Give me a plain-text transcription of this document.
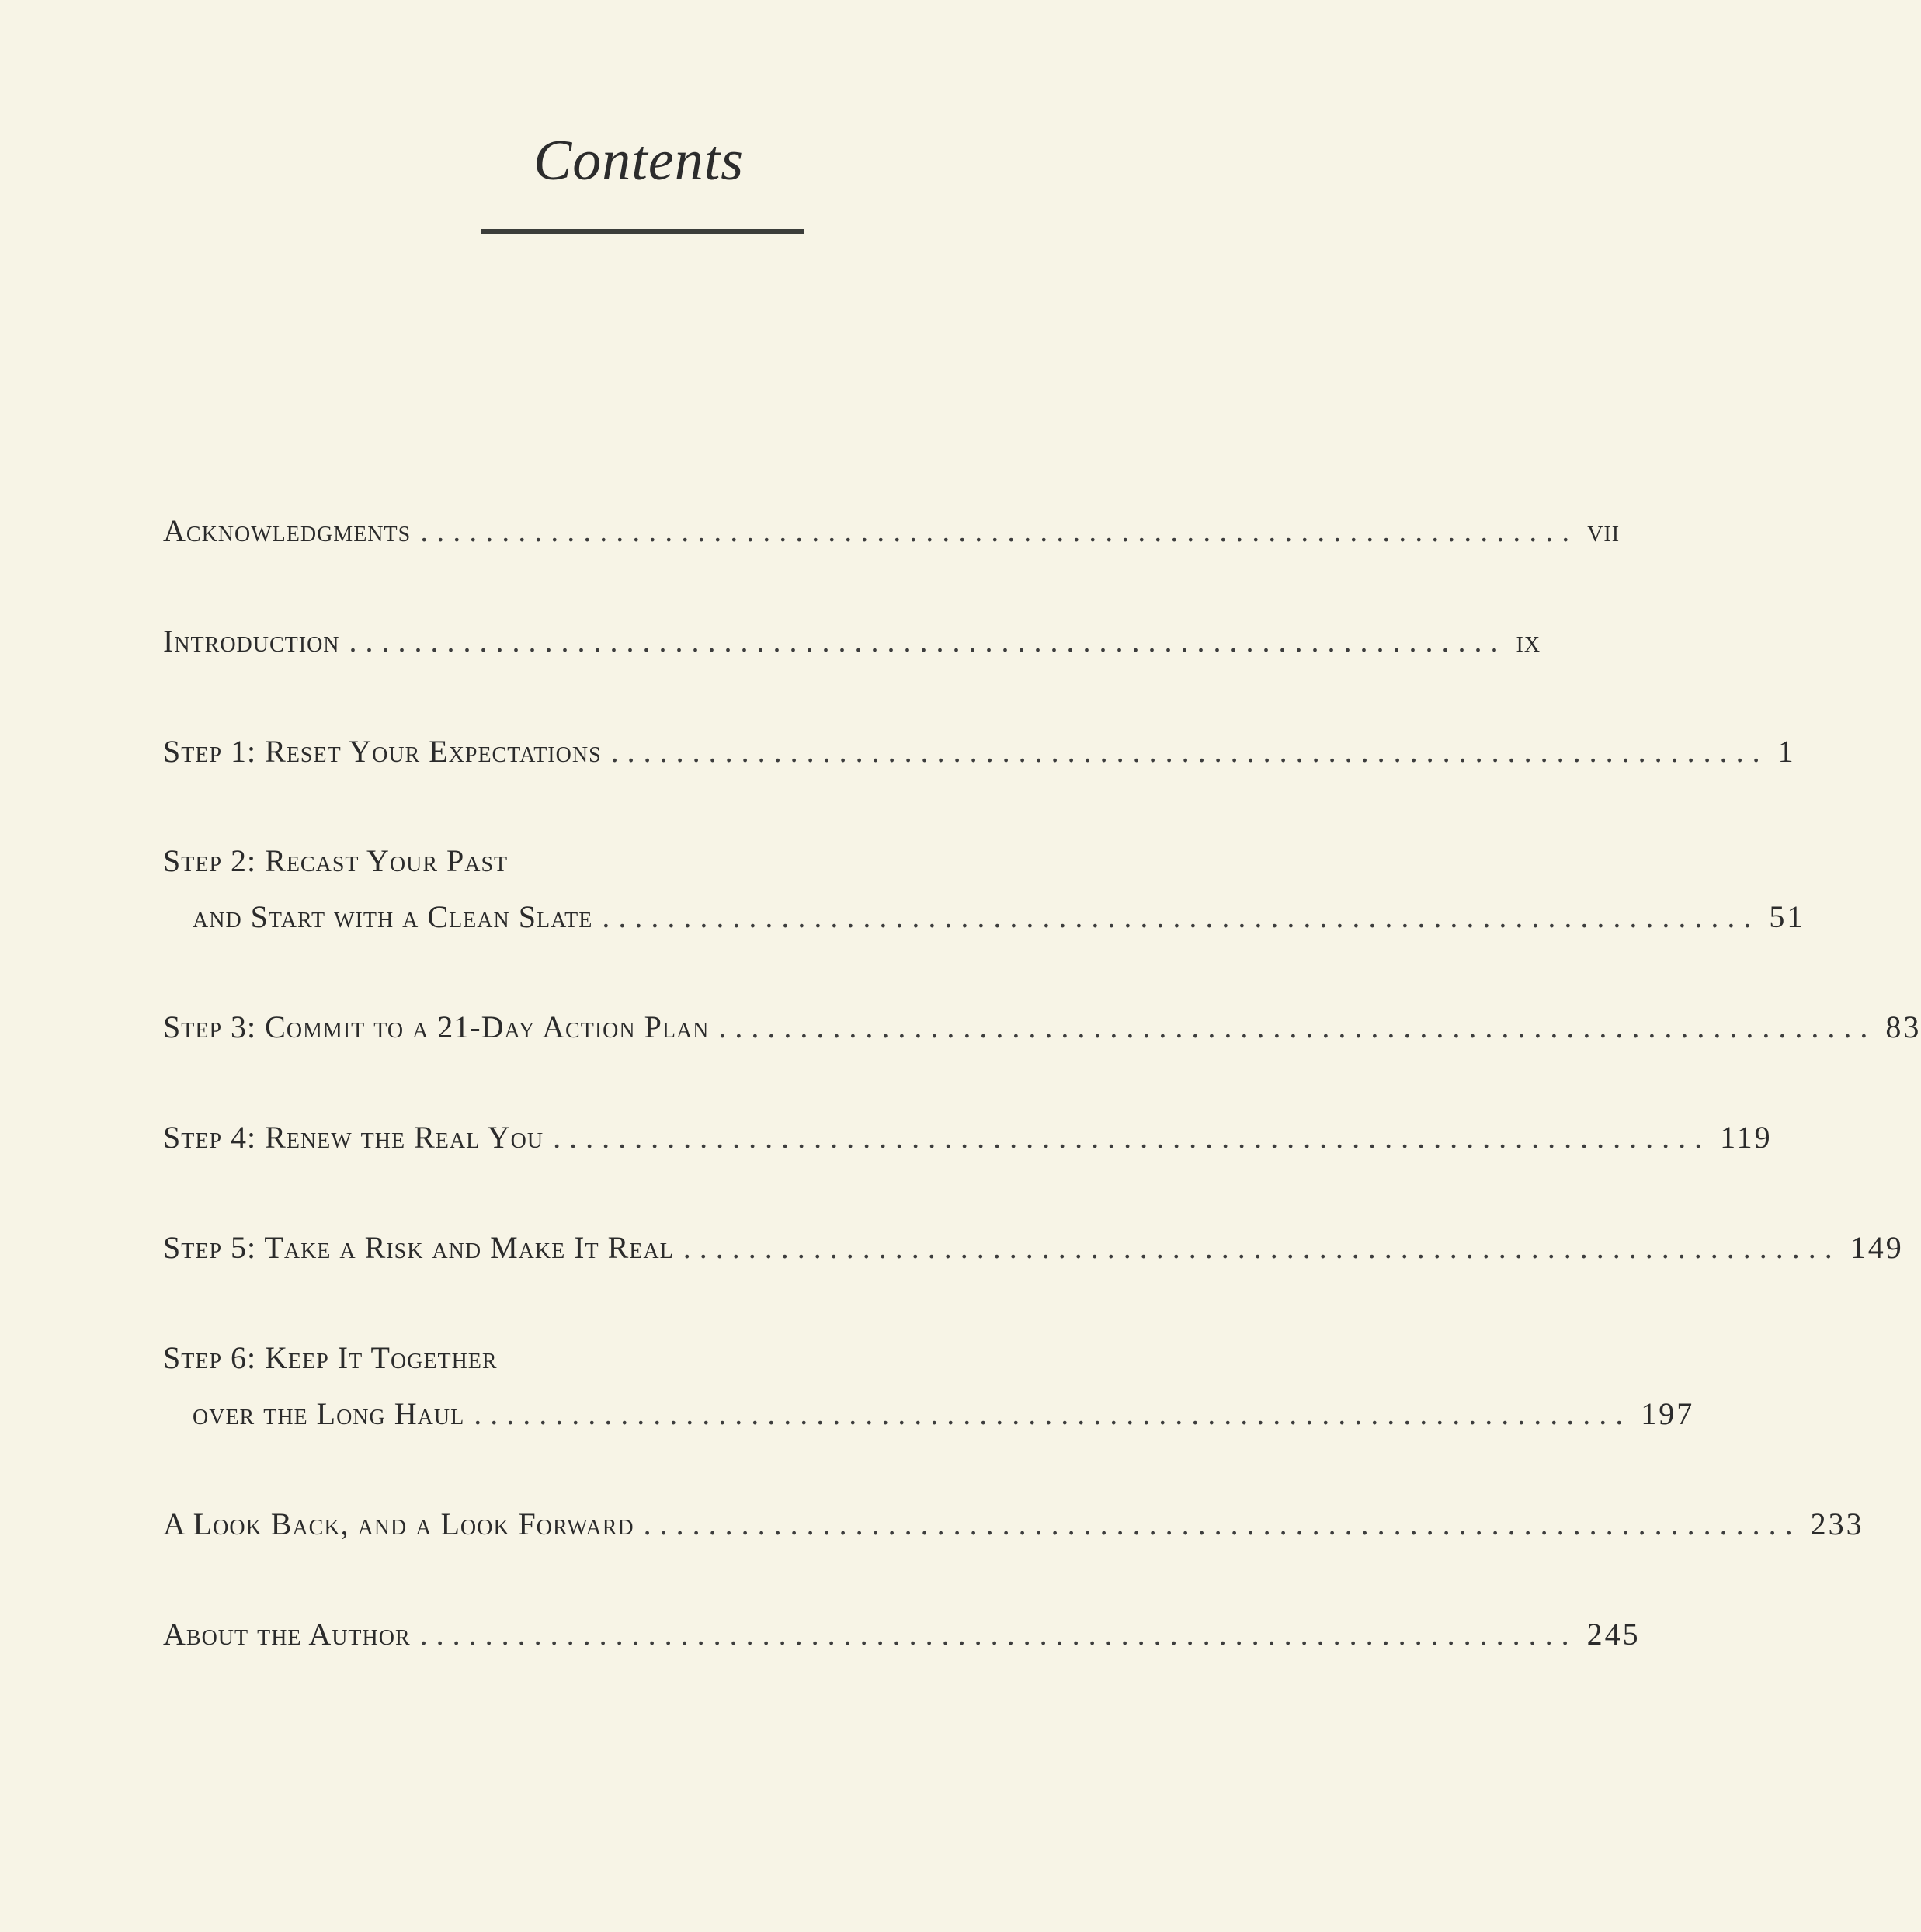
Contents
Acknowledgments ....................................................................... vii
Introduction ....................................................................... ix
Step 1: Reset Your Expectations ....................................................................... 1
Step 2: Recast Your Past
and Start with a Clean Slate ....................................................................... 51
Step 3: Commit to a 21-Day Action Plan ....................................................................... 83
Step 4: Renew the Real You ....................................................................... 119
Step 5: Take a Risk and Make It Real ....................................................................... 149
Step 6: Keep It Together
over the Long Haul ....................................................................... 197
A Look Back, and a Look Forward ....................................................................... 233
About the Author ....................................................................... 245
